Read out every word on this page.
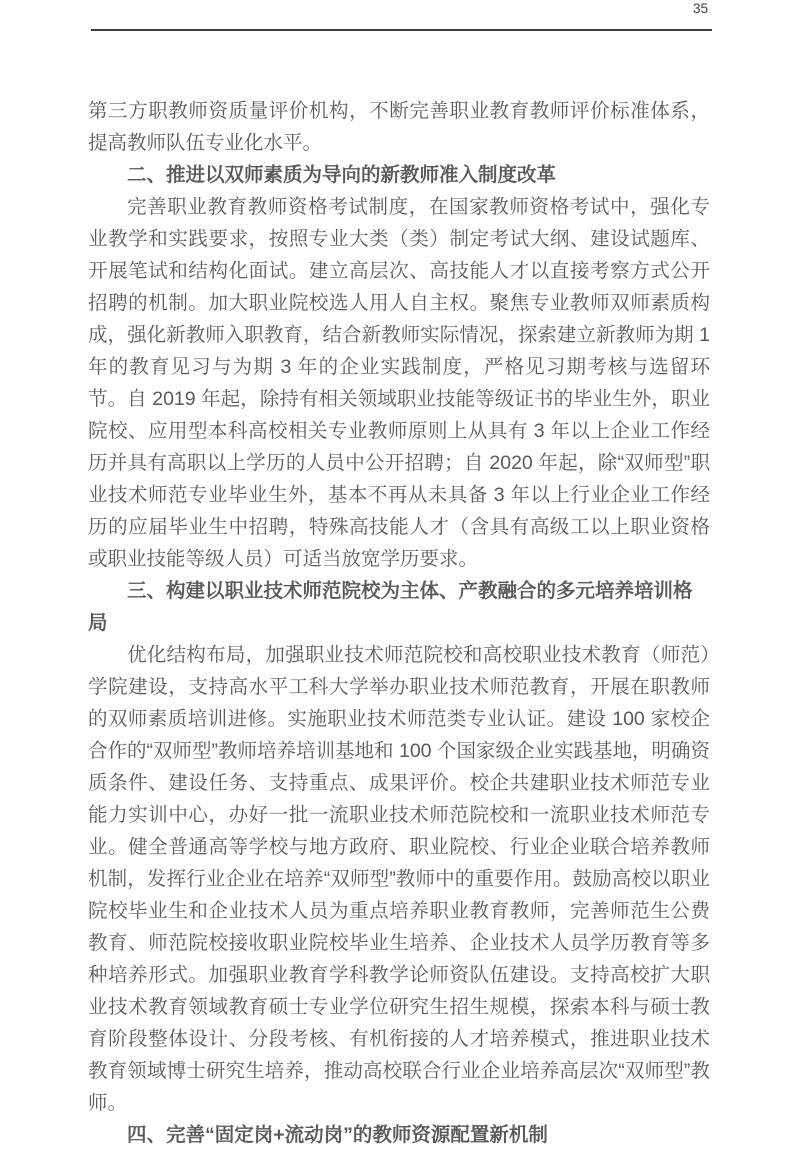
35

第三方职教师资质量评价机构，不断完善职业教育教师评价标准体系，提高教师队伍专业化水平。

二、推进以双师素质为导向的新教师准入制度改革

完善职业教育教师资格考试制度，在国家教师资格考试中，强化专业教学和实践要求，按照专业大类（类）制定考试大纲、建设试题库、开展笔试和结构化面试。建立高层次、高技能人才以直接考察方式公开招聘的机制。加大职业院校选人用人自主权。聚焦专业教师双师素质构成，强化新教师入职教育，结合新教师实际情况，探索建立新教师为期 1 年的教育见习与为期 3 年的企业实践制度，严格见习期考核与选留环节。自 2019 年起，除持有相关领域职业技能等级证书的毕业生外，职业院校、应用型本科高校相关专业教师原则上从具有 3 年以上企业工作经历并具有高职以上学历的人员中公开招聘；自 2020 年起，除“双师型”职业技术师范专业毕业生外，基本不再从未具备 3 年以上行业企业工作经历的应届毕业生中招聘，特殊高技能人才（含具有高级工以上职业资格或职业技能等级人员）可适当放宽学历要求。

三、构建以职业技术师范院校为主体、产教融合的多元培养培训格局

优化结构布局，加强职业技术师范院校和高校职业技术教育（师范）学院建设，支持高水平工科大学举办职业技术师范教育，开展在职教师的双师素质培训进修。实施职业技术师范类专业认证。建设 100 家校企合作的“双师型”教师培养培训基地和 100 个国家级企业实践基地，明确资质条件、建设任务、支持重点、成果评价。校企共建职业技术师范专业能力实训中心，办好一批一流职业技术师范院校和一流职业技术师范专业。健全普通高等学校与地方政府、职业院校、行业企业联合培养教师机制，发挥行业企业在培养“双师型”教师中的重要作用。鼓励高校以职业院校毕业生和企业技术人员为重点培养职业教育教师，完善师范生公费教育、师范院校接收职业院校毕业生培养、企业技术人员学历教育等多种培养形式。加强职业教育学科教学论师资队伍建设。支持高校扩大职业技术教育领域教育硕士专业学位研究生招生规模，探索本科与硕士教育阶段整体设计、分段考核、有机衔接的人才培养模式，推进职业技术教育领域博士研究生培养，推动高校联合行业企业培养高层次“双师型”教师。

四、完善“固定岗+流动岗”的教师资源配置新机制
